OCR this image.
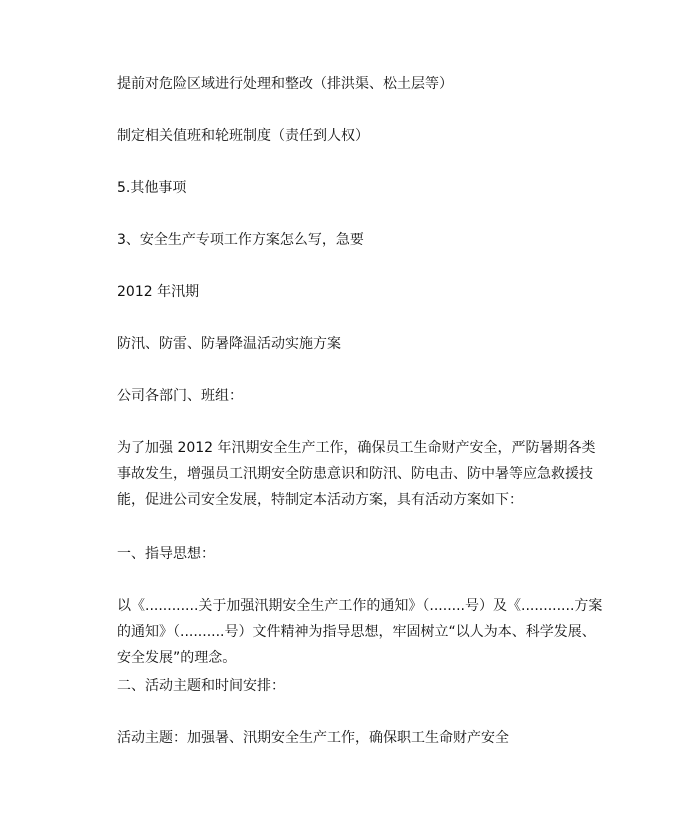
提前对危险区域进行处理和整改（排洪渠、松土层等）

制定相关值班和轮班制度（责任到人权）

5.其他事项

3、安全生产专项工作方案怎么写，急要

2012 年汛期

防汛、防雷、防暑降温活动实施方案

公司各部门、班组：

为了加强 2012 年汛期安全生产工作，确保员工生命财产安全，严防暑期各类事故发生，增强员工汛期安全防患意识和防汛、防电击、防中暑等应急救援技能，促进公司安全发展，特制定本活动方案，具有活动方案如下：

一、指导思想：

以《............关于加强汛期安全生产工作的通知》（........号）及《............方案的通知》（..........号）文件精神为指导思想，牢固树立“以人为本、科学发展、安全发展”的理念。

二、活动主题和时间安排：

活动主题：加强暑、汛期安全生产工作，确保职工生命财产安全
